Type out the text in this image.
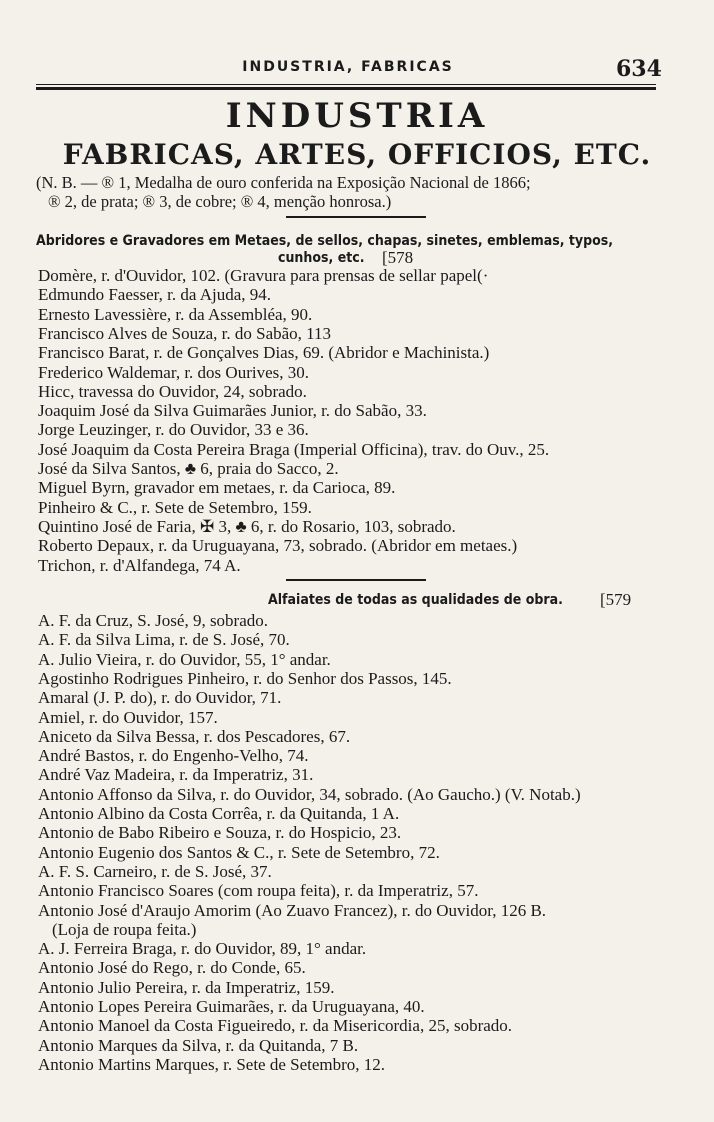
INDUSTRIA, FABRICAS	634
INDUSTRIA
FABRICAS, ARTES, OFFICIOS, ETC.
(N. B. — ® 1, Medalha de ouro conferida na Exposição Nacional de 1866;
® 2, de prata; ® 3, de cobre; ® 4, menção honrosa.)
Abridores e Gravadores em Metaes, de sellos, chapas, sinetes, emblemas, typos,
cunhos, etc. [578
Domère, r. d'Ouvidor, 102. (Gravura para prensas de sellar papel(·
Edmundo Faesser, r. da Ajuda, 94.
Ernesto Lavessière, r. da Assembléa, 90.
Francisco Alves de Souza, r. do Sabão, 113
Francisco Barat, r. de Gonçalves Dias, 69. (Abridor e Machinista.)
Frederico Waldemar, r. dos Ourives, 30.
Hicc, travessa do Ouvidor, 24, sobrado.
Joaquim José da Silva Guimarães Junior, r. do Sabão, 33.
Jorge Leuzinger, r. do Ouvidor, 33 e 36.
José Joaquim da Costa Pereira Braga (Imperial Officina), trav. do Ouv., 25.
José da Silva Santos, ♣ 6, praia do Sacco, 2.
Miguel Byrn, gravador em metaes, r. da Carioca, 89.
Pinheiro & C., r. Sete de Setembro, 159.
Quintino José de Faria, ✠ 3, ♣ 6, r. do Rosario, 103, sobrado.
Roberto Depaux, r. da Uruguayana, 73, sobrado. (Abridor em metaes.)
Trichon, r. d'Alfandega, 74 A.
Alfaiates de todas as qualidades de obra. [579
A. F. da Cruz, S. José, 9, sobrado.
A. F. da Silva Lima, r. de S. José, 70.
A. Julio Vieira, r. do Ouvidor, 55, 1° andar.
Agostinho Rodrigues Pinheiro, r. do Senhor dos Passos, 145.
Amaral (J. P. do), r. do Ouvidor, 71.
Amiel, r. do Ouvidor, 157.
Aniceto da Silva Bessa, r. dos Pescadores, 67.
André Bastos, r. do Engenho-Velho, 74.
André Vaz Madeira, r. da Imperatriz, 31.
Antonio Affonso da Silva, r. do Ouvidor, 34, sobrado. (Ao Gaucho.) (V. Notab.)
Antonio Albino da Costa Corrêa, r. da Quitanda, 1 A.
Antonio de Babo Ribeiro e Souza, r. do Hospicio, 23.
Antonio Eugenio dos Santos & C., r. Sete de Setembro, 72.
A. F. S. Carneiro, r. de S. José, 37.
Antonio Francisco Soares (com roupa feita), r. da Imperatriz, 57.
Antonio José d'Araujo Amorim (Ao Zuavo Francez), r. do Ouvidor, 126 B.
(Loja de roupa feita.)
A. J. Ferreira Braga, r. do Ouvidor, 89, 1° andar.
Antonio José do Rego, r. do Conde, 65.
Antonio Julio Pereira, r. da Imperatriz, 159.
Antonio Lopes Pereira Guimarães, r. da Uruguayana, 40.
Antonio Manoel da Costa Figueiredo, r. da Misericordia, 25, sobrado.
Antonio Marques da Silva, r. da Quitanda, 7 B.
Antonio Martins Marques, r. Sete de Setembro, 12.
